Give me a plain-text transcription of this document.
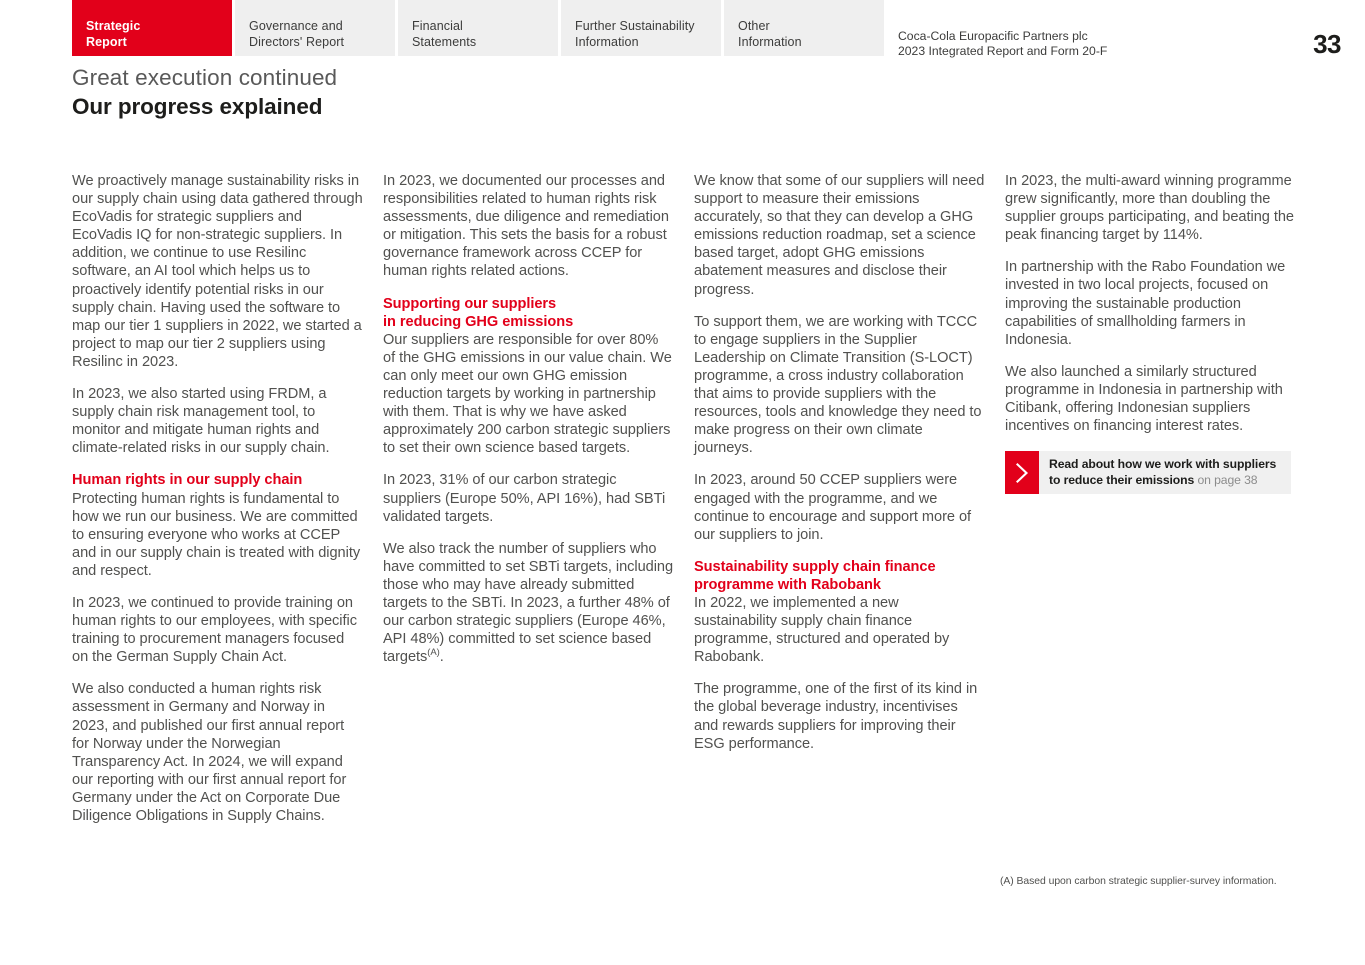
Strategic
Report
Governance and
Directors' Report
Financial
Statements
Further Sustainability
Information
Other
Information	Coca-Cola Europacific Partners plc
2023 Integrated Report and Form 20-F	33
Great execution continued
Our progress explained

We proactively manage sustainability risks in our supply chain using data gathered through EcoVadis for strategic suppliers and EcoVadis IQ for non-strategic suppliers. In addition, we continue to use Resilinc software, an AI tool which helps us to proactively identify potential risks in our supply chain. Having used the software to map our tier 1 suppliers in 2022, we started a project to map our tier 2 suppliers using Resilinc in 2023.

In 2023, we also started using FRDM, a supply chain risk management tool, to monitor and mitigate human rights and climate-related risks in our supply chain.

Human rights in our supply chain

Protecting human rights is fundamental to how we run our business. We are committed to ensuring everyone who works at CCEP and in our supply chain is treated with dignity and respect.

In 2023, we continued to provide training on human rights to our employees, with specific training to procurement managers focused on the German Supply Chain Act.

We also conducted a human rights risk assessment in Germany and Norway in 2023, and published our first annual report for Norway under the Norwegian Transparency Act. In 2024, we will expand our reporting with our first annual report for Germany under the Act on Corporate Due Diligence Obligations in Supply Chains.

In 2023, we documented our processes and responsibilities related to human rights risk assessments, due diligence and remediation or mitigation. This sets the basis for a robust governance framework across CCEP for human rights related actions.

Supporting our suppliers
in reducing GHG emissions

Our suppliers are responsible for over 80% of the GHG emissions in our value chain. We can only meet our own GHG emission reduction targets by working in partnership with them. That is why we have asked approximately 200 carbon strategic suppliers to set their own science based targets.

In 2023, 31% of our carbon strategic suppliers (Europe 50%, API 16%), had SBTi validated targets.

We also track the number of suppliers who have committed to set SBTi targets, including those who may have already submitted targets to the SBTi. In 2023, a further 48% of our carbon strategic suppliers (Europe 46%, API 48%) committed to set science based targets$^{(A)}$.

We know that some of our suppliers will need support to measure their emissions accurately, so that they can develop a GHG emissions reduction roadmap, set a science based target, adopt GHG emissions abatement measures and disclose their progress.

To support them, we are working with TCCC to engage suppliers in the Supplier Leadership on Climate Transition (S-LOCT) programme, a cross industry collaboration that aims to provide suppliers with the resources, tools and knowledge they need to make progress on their own climate journeys.

In 2023, around 50 CCEP suppliers were engaged with the programme, and we continue to encourage and support more of our suppliers to join.

Sustainability supply chain finance
programme with Rabobank

In 2022, we implemented a new sustainability supply chain finance programme, structured and operated by Rabobank.

The programme, one of the first of its kind in the global beverage industry, incentivises and rewards suppliers for improving their ESG performance.

In 2023, the multi-award winning programme grew significantly, more than doubling the supplier groups participating, and beating the peak financing target by 114%.

In partnership with the Rabo Foundation we invested in two local projects, focused on improving the sustainable production capabilities of smallholding farmers in Indonesia.

We also launched a similarly structured programme in Indonesia in partnership with Citibank, offering Indonesian suppliers incentives on financing interest rates.

Read about how we work with suppliers
to reduce their emissions on page 38
(A) Based upon carbon strategic supplier-survey information.
